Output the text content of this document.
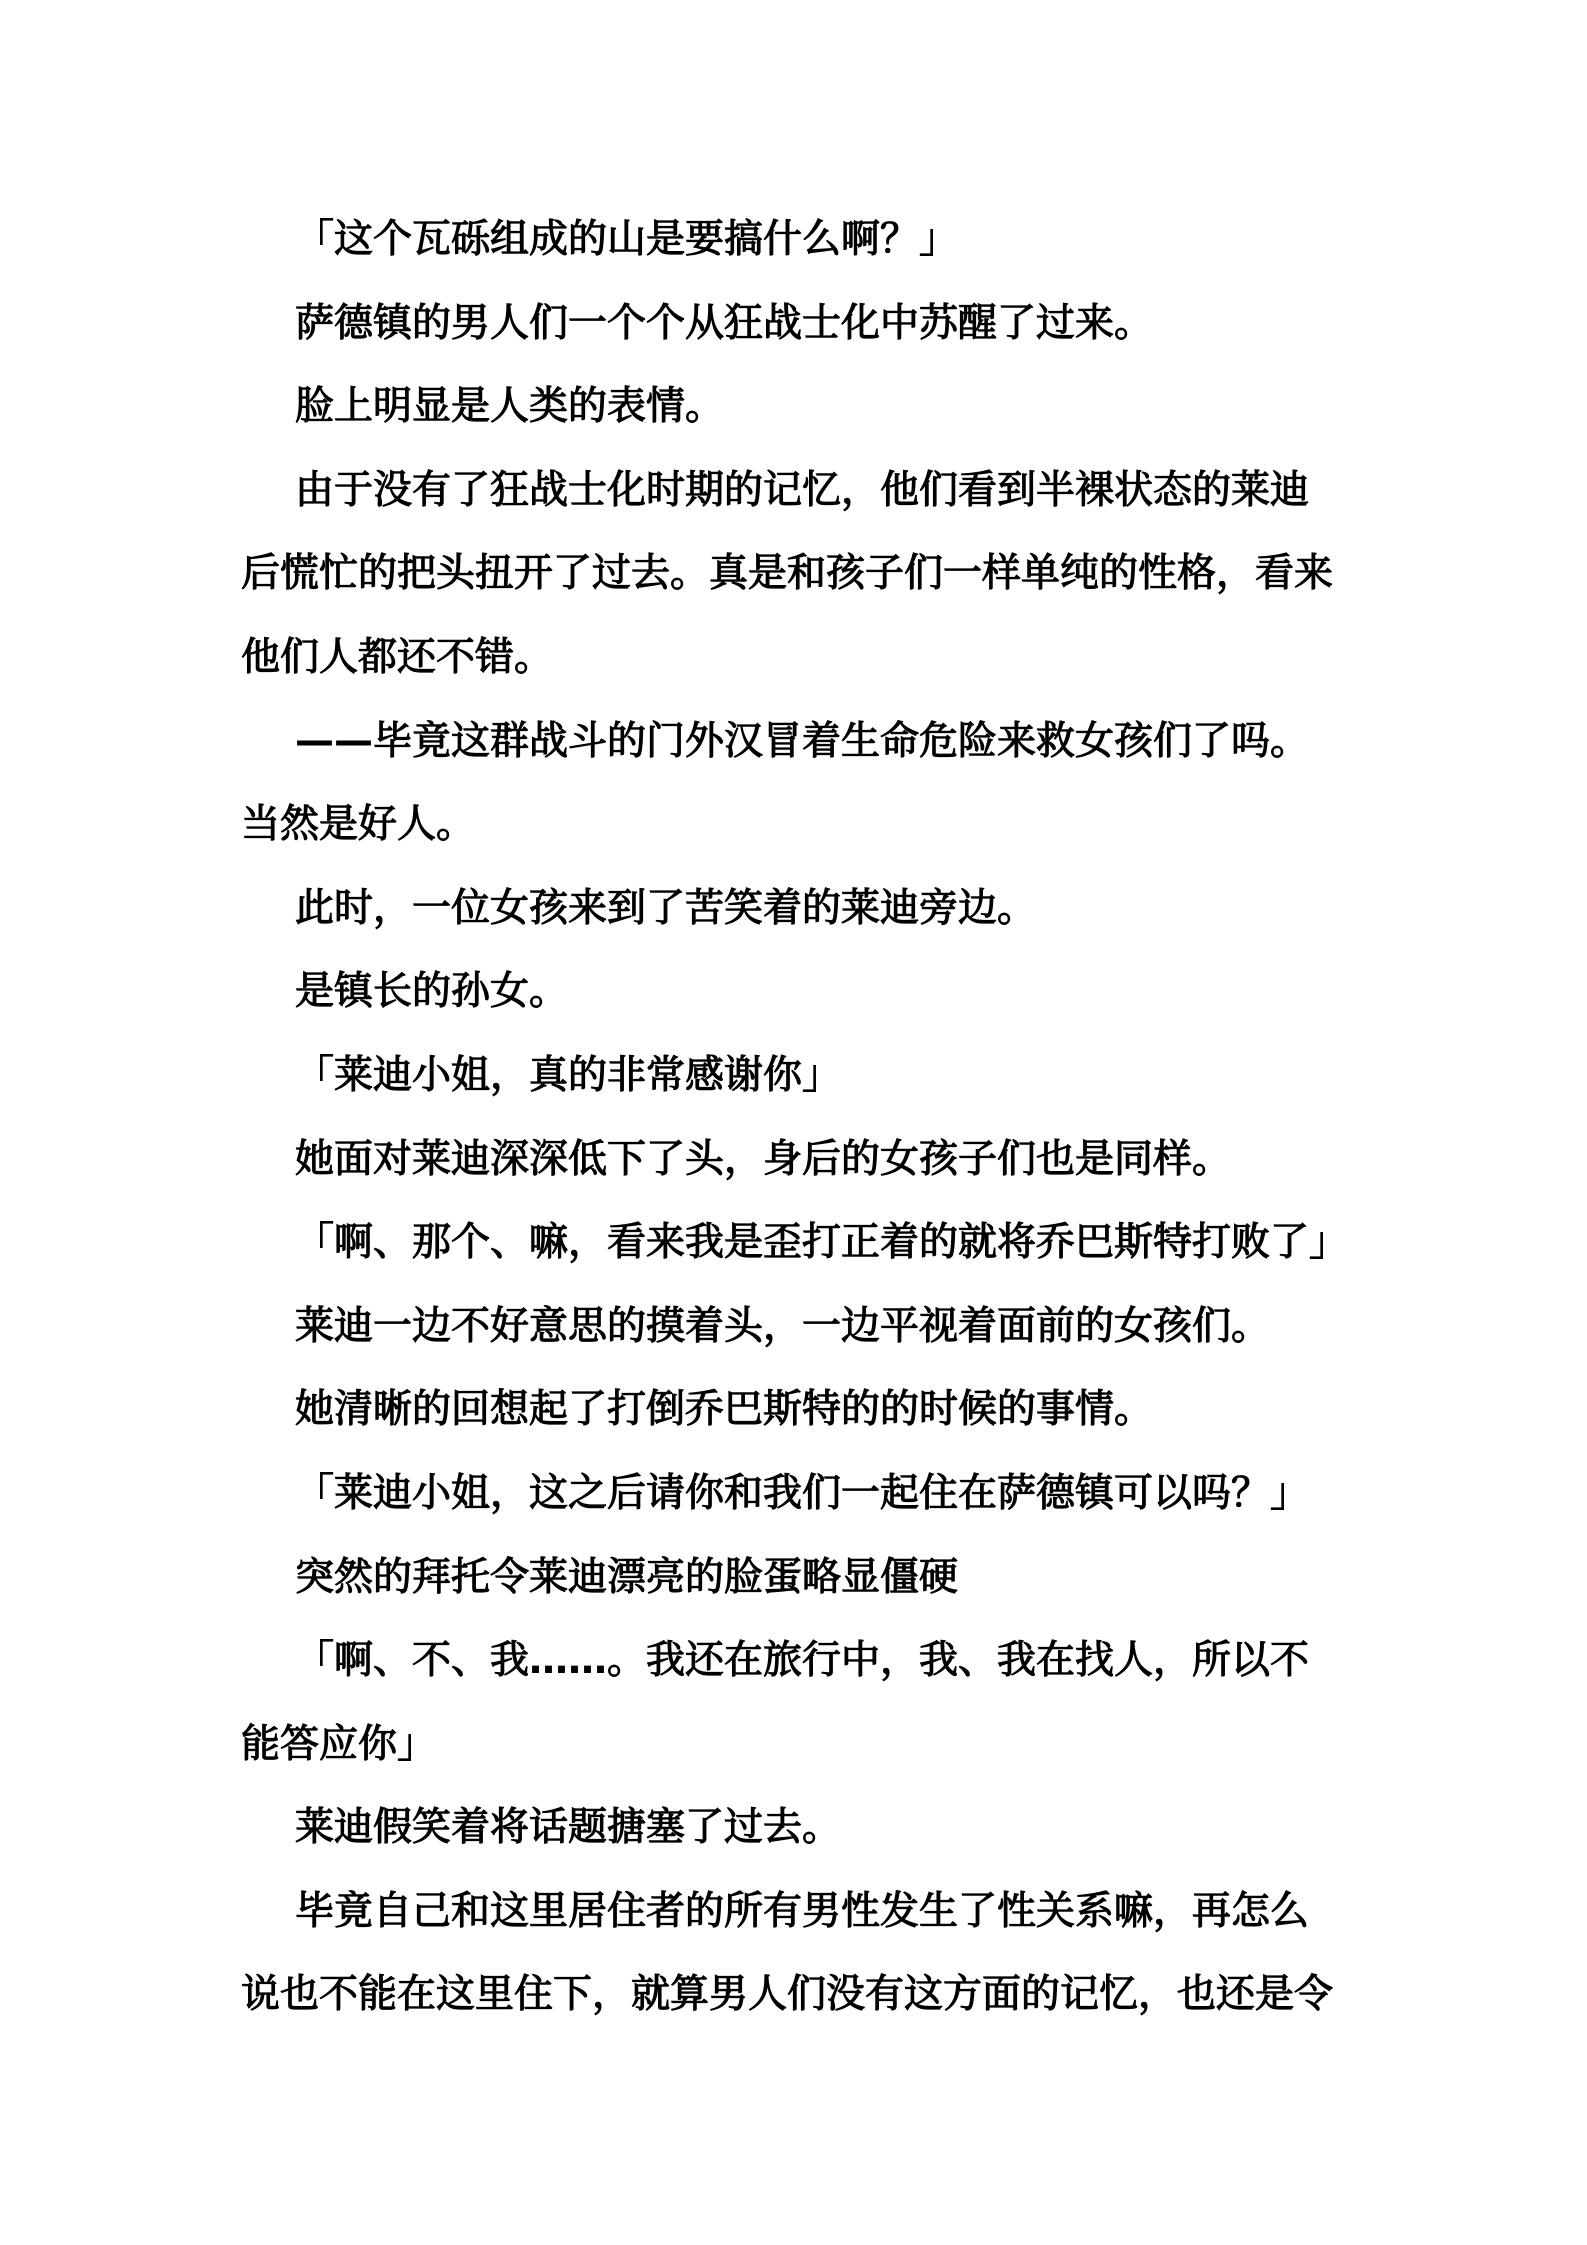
「这个瓦砾组成的山是要搞什么啊？」
萨德镇的男人们一个个从狂战士化中苏醒了过来。
脸上明显是人类的表情。
由于没有了狂战士化时期的记忆，他们看到半裸状态的莱迪
后慌忙的把头扭开了过去。真是和孩子们一样单纯的性格，看来
他们人都还不错。
——毕竟这群战斗的门外汉冒着生命危险来救女孩们了吗。
当然是好人。
此时，一位女孩来到了苦笑着的莱迪旁边。
是镇长的孙女。
「莱迪小姐，真的非常感谢你」
她面对莱迪深深低下了头，身后的女孩子们也是同样。
「啊、那个、嘛，看来我是歪打正着的就将乔巴斯特打败了」
莱迪一边不好意思的摸着头，一边平视着面前的女孩们。
她清晰的回想起了打倒乔巴斯特的的时候的事情。
「莱迪小姐，这之后请你和我们一起住在萨德镇可以吗？」
突然的拜托令莱迪漂亮的脸蛋略显僵硬
「啊、不、我……。我还在旅行中，我、我在找人，所以不
能答应你」
莱迪假笑着将话题搪塞了过去。
毕竟自己和这里居住者的所有男性发生了性关系嘛，再怎么
说也不能在这里住下，就算男人们没有这方面的记忆，也还是令
